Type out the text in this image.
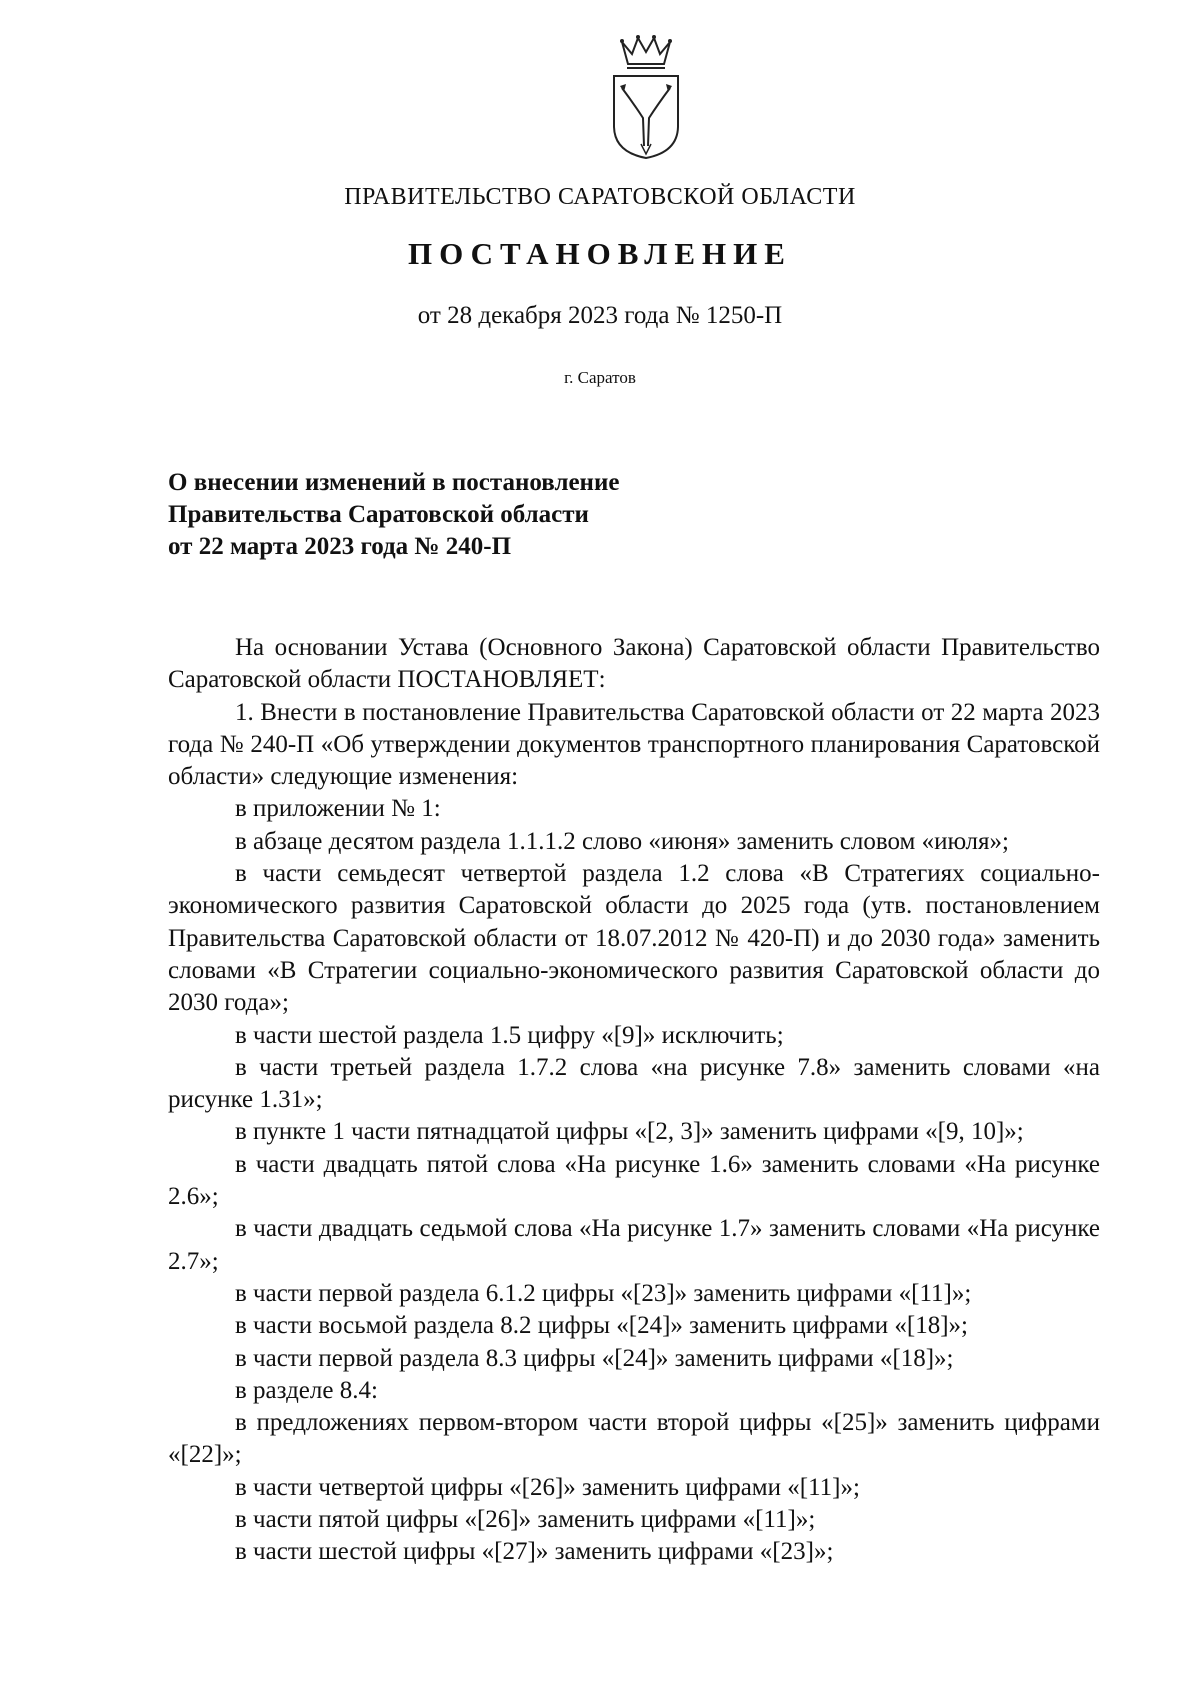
ПРАВИТЕЛЬСТВО САРАТОВСКОЙ ОБЛАСТИ
ПОСТАНОВЛЕНИЕ
от 28 декабря 2023 года № 1250-П
г. Саратов
О внесении изменений в постановление
Правительства Саратовской области
от 22 марта 2023 года № 240-П

На основании Устава (Основного Закона) Саратовской области Правительство Саратовской области ПОСТАНОВЛЯЕТ:

1. Внести в постановление Правительства Саратовской области от 22 марта 2023 года № 240-П «Об утверждении документов транспортного планирования Саратовской области» следующие изменения:

в приложении № 1:

в абзаце десятом раздела 1.1.1.2 слово «июня» заменить словом «июля»;

в части семьдесят четвертой раздела 1.2 слова «В Стратегиях социально-экономического развития Саратовской области до 2025 года (утв. постановлением Правительства Саратовской области от 18.07.2012 № 420-П) и до 2030 года» заменить словами «В Стратегии социально-экономического развития Саратовской области до 2030 года»;

в части шестой раздела 1.5 цифру «[9]» исключить;

в части третьей раздела 1.7.2 слова «на рисунке 7.8» заменить словами «на рисунке 1.31»;

в пункте 1 части пятнадцатой цифры «[2, 3]» заменить цифрами «[9, 10]»;

в части двадцать пятой слова «На рисунке 1.6» заменить словами «На рисунке 2.6»;

в части двадцать седьмой слова «На рисунке 1.7» заменить словами «На рисунке 2.7»;

в части первой раздела 6.1.2 цифры «[23]» заменить цифрами «[11]»;

в части восьмой раздела 8.2 цифры «[24]» заменить цифрами «[18]»;

в части первой раздела 8.3 цифры «[24]» заменить цифрами «[18]»;

в разделе 8.4:

в предложениях первом-втором части второй цифры «[25]» заменить цифрами «[22]»;

в части четвертой цифры «[26]» заменить цифрами «[11]»;

в части пятой цифры «[26]» заменить цифрами «[11]»;

в части шестой цифры «[27]» заменить цифрами «[23]»;
